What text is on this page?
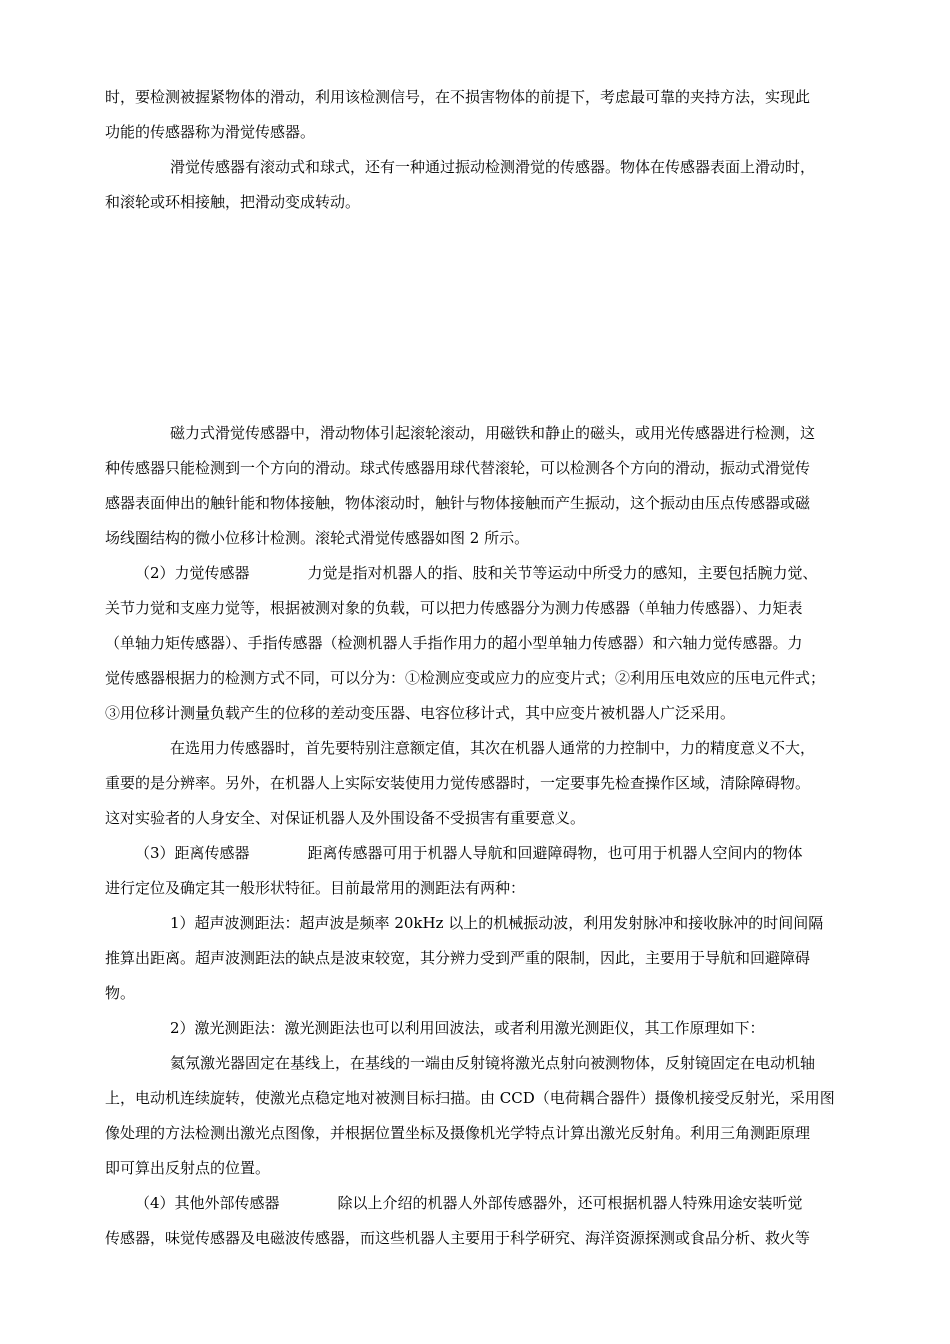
时，要检测被握紧物体的滑动，利用该检测信号，在不损害物体的前提下，考虑最可靠的夹持方法，实现此
功能的传感器称为滑觉传感器。
滑觉传感器有滚动式和球式，还有一种通过振动检测滑觉的传感器。物体在传感器表面上滑动时，
和滚轮或环相接触，把滑动变成转动。
磁力式滑觉传感器中，滑动物体引起滚轮滚动，用磁铁和静止的磁头，或用光传感器进行检测，这
种传感器只能检测到一个方向的滑动。球式传感器用球代替滚轮，可以检测各个方向的滑动，振动式滑觉传
感器表面伸出的触针能和物体接触，物体滚动时，触针与物体接触而产生振动，这个振动由压点传感器或磁
场线圈结构的微小位移计检测。滚轮式滑觉传感器如图 2 所示。
（2）力觉传感器	力觉是指对机器人的指、肢和关节等运动中所受力的感知，主要包括腕力觉、
关节力觉和支座力觉等，根据被测对象的负载，可以把力传感器分为测力传感器（单轴力传感器）、力矩表
（单轴力矩传感器）、手指传感器（检测机器人手指作用力的超小型单轴力传感器）和六轴力觉传感器。力
觉传感器根据力的检测方式不同，可以分为：①检测应变或应力的应变片式；②利用压电效应的压电元件式；
③用位移计测量负载产生的位移的差动变压器、电容位移计式，其中应变片被机器人广泛采用。
在选用力传感器时，首先要特别注意额定值，其次在机器人通常的力控制中，力的精度意义不大，
重要的是分辨率。另外，在机器人上实际安装使用力觉传感器时，一定要事先检查操作区域，清除障碍物。
这对实验者的人身安全、对保证机器人及外围设备不受损害有重要意义。
（3）距离传感器	距离传感器可用于机器人导航和回避障碍物，也可用于机器人空间内的物体
进行定位及确定其一般形状特征。目前最常用的测距法有两种：
1）超声波测距法：超声波是频率 20kHz 以上的机械振动波，利用发射脉冲和接收脉冲的时间间隔
推算出距离。超声波测距法的缺点是波束较宽，其分辨力受到严重的限制，因此，主要用于导航和回避障碍
物。
2）激光测距法：激光测距法也可以利用回波法，或者利用激光测距仪，其工作原理如下：
氦氖激光器固定在基线上，在基线的一端由反射镜将激光点射向被测物体，反射镜固定在电动机轴
上，电动机连续旋转，使激光点稳定地对被测目标扫描。由 CCD（电荷耦合器件）摄像机接受反射光，采用图
像处理的方法检测出激光点图像，并根据位置坐标及摄像机光学特点计算出激光反射角。利用三角测距原理
即可算出反射点的位置。
（4）其他外部传感器	除以上介绍的机器人外部传感器外，还可根据机器人特殊用途安装听觉
传感器，味觉传感器及电磁波传感器，而这些机器人主要用于科学研究、海洋资源探测或食品分析、救火等
